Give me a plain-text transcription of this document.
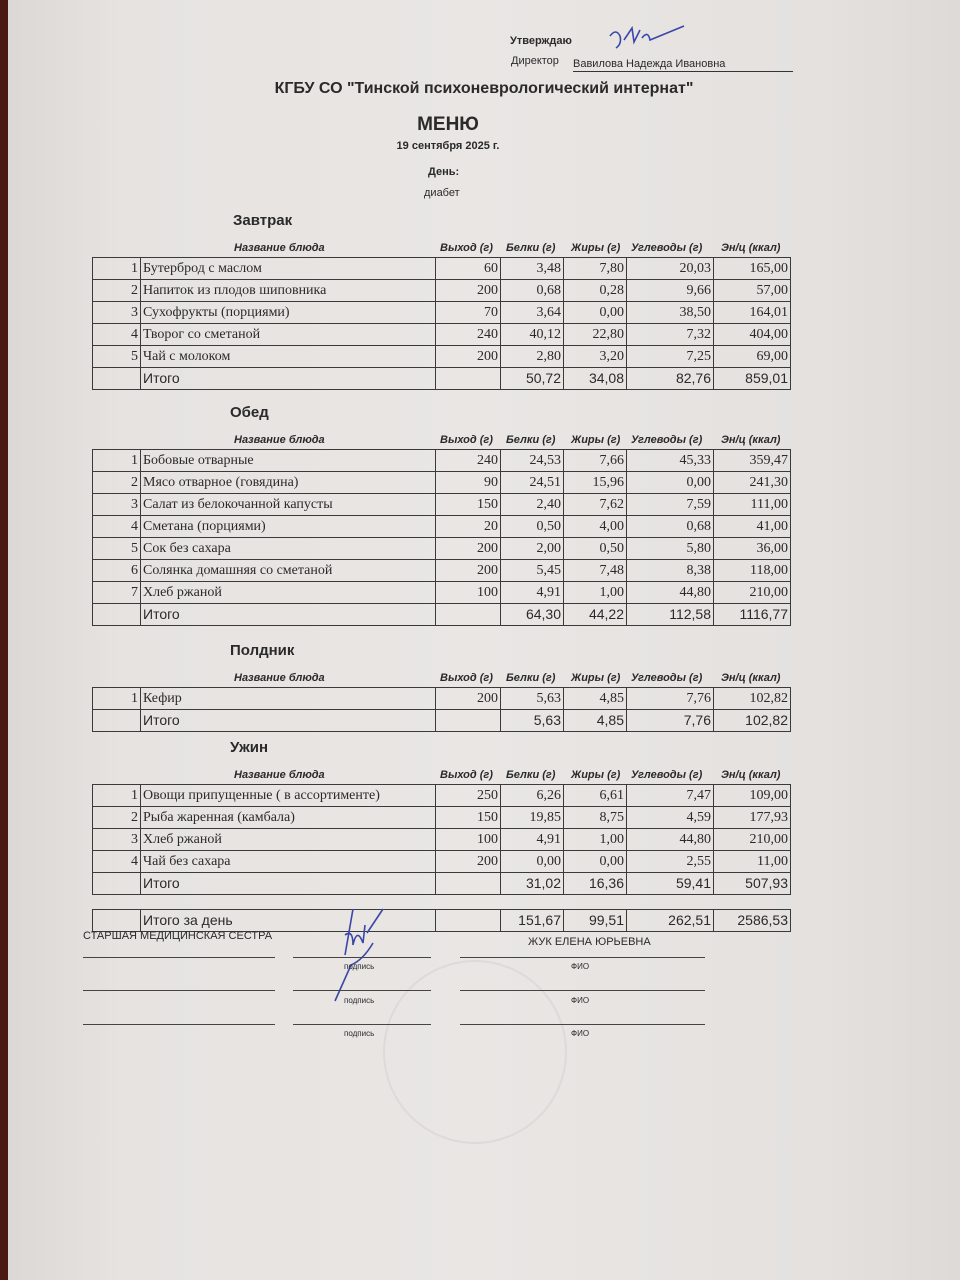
Утверждаю
Директор Вавилова Надежда Ивановна
КГБУ СО "Тинской психоневрологический интернат"
МЕНЮ
19 сентября 2025 г.
День:
диабет
Завтрак
Название блюда	Выход (г) Белки (г) Жиры (г) Углеводы (г) Эн/ц (ккал)
1	Бутерброд с маслом	60	3,48	7,80	20,03	165,00
2	Напиток из плодов шиповника	200	0,68	0,28	9,66	57,00
3	Сухофрукты (порциями)	70	3,64	0,00	38,50	164,01
4	Творог со сметаной	240	40,12	22,80	7,32	404,00
5	Чай с молоком	200	2,80	3,20	7,25	69,00
	Итого		50,72	34,08	82,76	859,01
Обед
Название блюда	Выход (г) Белки (г) Жиры (г) Углеводы (г) Эн/ц (ккал)
1	Бобовые отварные	240	24,53	7,66	45,33	359,47
2	Мясо отварное (говядина)	90	24,51	15,96	0,00	241,30
3	Салат из белокочанной капусты	150	2,40	7,62	7,59	111,00
4	Сметана (порциями)	20	0,50	4,00	0,68	41,00
5	Сок без сахара	200	2,00	0,50	5,80	36,00
6	Солянка домашняя со сметаной	200	5,45	7,48	8,38	118,00
7	Хлеб ржаной	100	4,91	1,00	44,80	210,00
	Итого		64,30	44,22	112,58	1116,77
Полдник
Название блюда	Выход (г) Белки (г) Жиры (г) Углеводы (г) Эн/ц (ккал)
1	Кефир	200	5,63	4,85	7,76	102,82
	Итого		5,63	4,85	7,76	102,82
Ужин
Название блюда	Выход (г) Белки (г) Жиры (г) Углеводы (г) Эн/ц (ккал)
1	Овощи припущенные ( в ассортименте)	250	6,26	6,61	7,47	109,00
2	Рыба жаренная (камбала)	150	19,85	8,75	4,59	177,93
3	Хлеб ржаной	100	4,91	1,00	44,80	210,00
4	Чай без сахара	200	0,00	0,00	2,55	11,00
	Итого		31,02	16,36	59,41	507,93
	Итого за день		151,67	99,51	262,51	2586,53
СТАРШАЯ МЕДИЦИНСКАЯ СЕСТРА	ЖУК ЕЛЕНА ЮРЬЕВНА
подпись	ФИО
подпись	ФИО
подпись	ФИО
